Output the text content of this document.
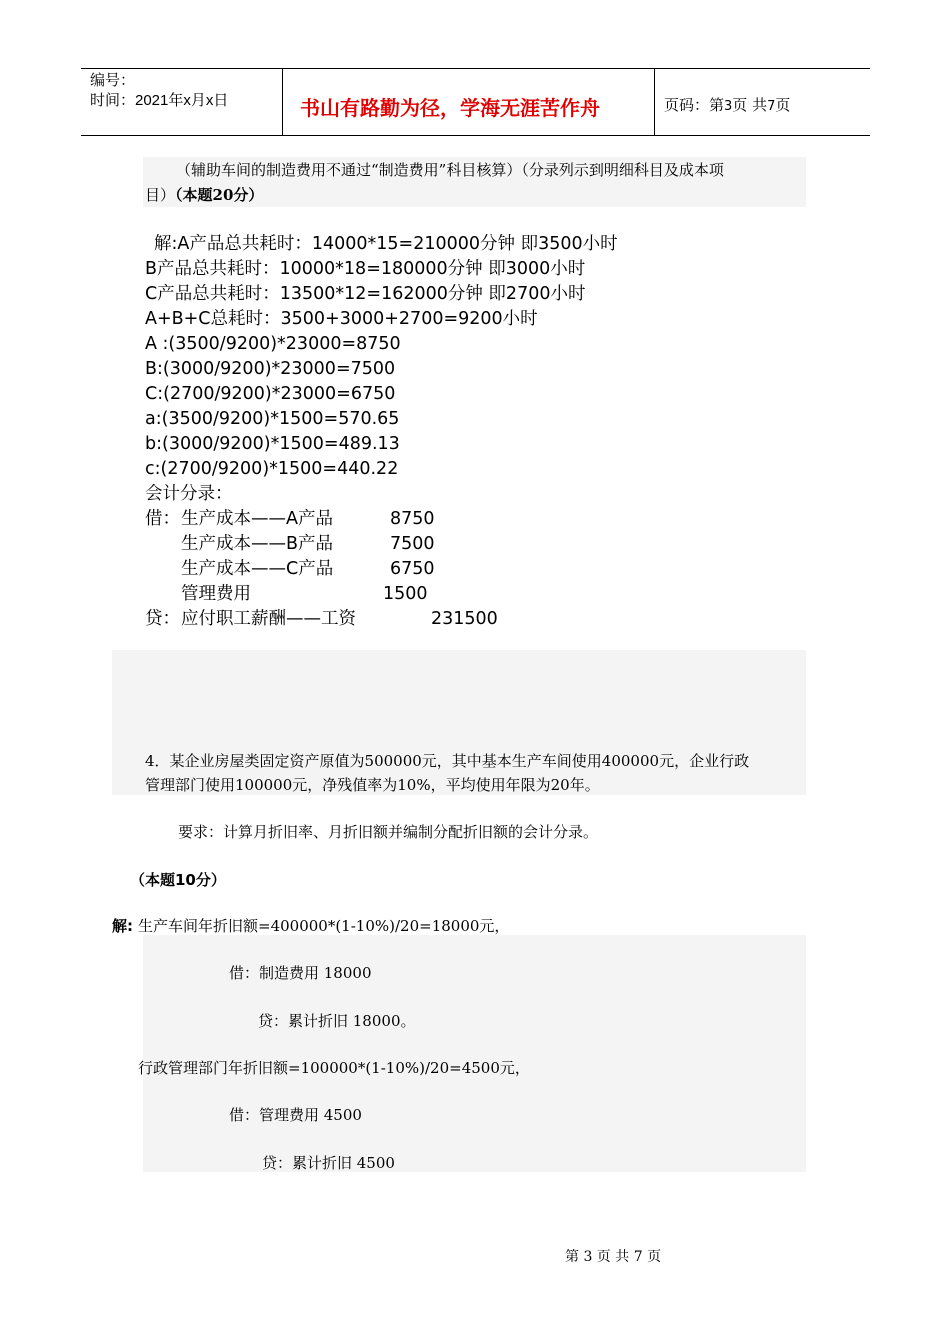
编号：
时间：2021年x月x日	书山有路勤为径，学海无涯苦作舟	页码：第3页 共7页
（辅助车间的制造费用不通过“制造费用”科目核算）（分录列示到明细科目及成本项
目）（本题20分）
解:A产品总共耗时：14000*15=210000分钟 即3500小时
B产品总共耗时：10000*18=180000分钟 即3000小时
C产品总共耗时：13500*12=162000分钟 即2700小时
A+B+C总耗时：3500+3000+2700=9200小时
A :(3500/9200)*23000=8750
B:(3000/9200)*23000=7500
C:(2700/9200)*23000=6750
a:(3500/9200)*1500=570.65
b:(3000/9200)*1500=489.13
c:(2700/9200)*1500=440.22
会计分录：
借： 生产成本——A产品	8750
生产成本——B产品	7500
生产成本——C产品	6750
管理费用	1500
贷： 应付职工薪酬——工资	231500
4．某企业房屋类固定资产原值为500000元，其中基本生产车间使用400000元，企业行政
管理部门使用100000元，净残值率为10%，平均使用年限为20年。
要求：计算月折旧率、月折旧额并编制分配折旧额的会计分录。
（本题10分）
解: 生产车间年折旧额=400000*(1-10%)/20=18000元，
借：制造费用 18000
贷：累计折旧 18000。
行政管理部门年折旧额=100000*(1-10%)/20=4500元，
借：管理费用 4500
贷：累计折旧 4500
第 3 页 共 7 页
